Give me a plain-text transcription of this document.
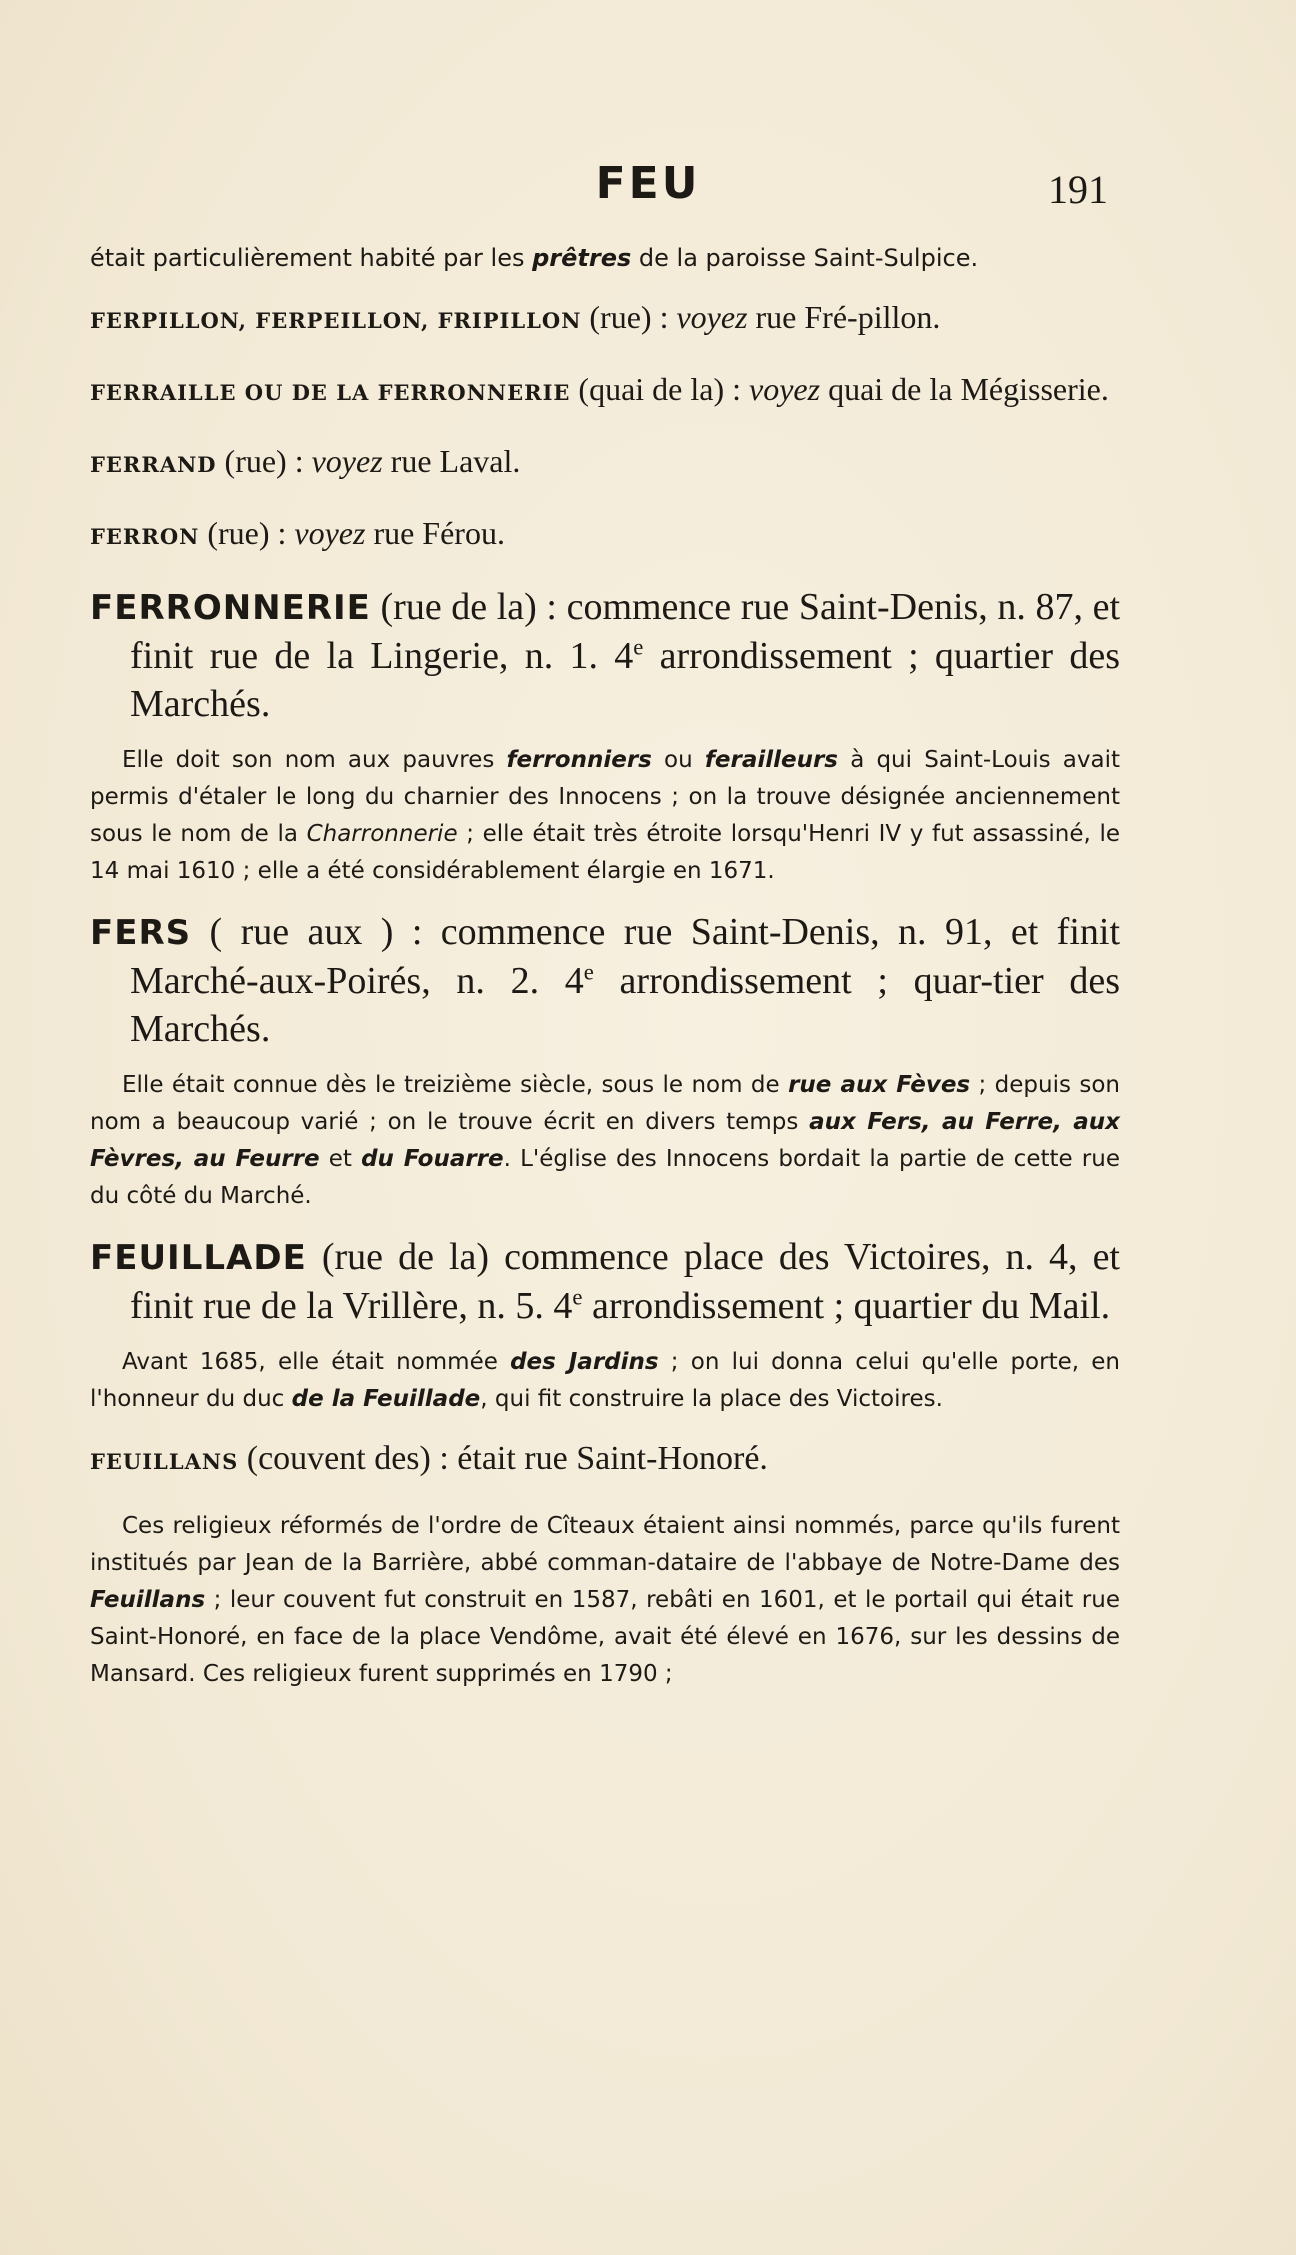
FEU	191

était particulièrement habité par les prêtres de la paroisse Saint-Sulpice.

FERPILLON, FERPEILLON, FRIPILLON (rue) : voyez rue Fré-pillon.

FERRAILLE OU DE LA FERRONNERIE (quai de la) : voyez quai de la Mégisserie.

FERRAND (rue) : voyez rue Laval.

FERRON (rue) : voyez rue Férou.

FERRONNERIE (rue de la) : commence rue Saint-Denis, n. 87, et finit rue de la Lingerie, n. 1. 4e arrondissement ; quartier des Marchés.

Elle doit son nom aux pauvres ferronniers ou ferailleurs à qui Saint-Louis avait permis d'étaler le long du charnier des Innocens ; on la trouve désignée anciennement sous le nom de la Charronnerie ; elle était très étroite lorsqu'Henri IV y fut assassiné, le 14 mai 1610 ; elle a été considérablement élargie en 1671.

FERS ( rue aux ) : commence rue Saint-Denis, n. 91, et finit Marché-aux-Poirés, n. 2. 4e arrondissement ; quar-tier des Marchés.

Elle était connue dès le treizième siècle, sous le nom de rue aux Fèves ; depuis son nom a beaucoup varié ; on le trouve écrit en divers temps aux Fers, au Ferre, aux Fèvres, au Feurre et du Fouarre. L'église des Innocens bordait la partie de cette rue du côté du Marché.

FEUILLADE (rue de la) commence place des Victoires, n. 4, et finit rue de la Vrillère, n. 5. 4e arrondissement ; quartier du Mail.

Avant 1685, elle était nommée des Jardins ; on lui donna celui qu'elle porte, en l'honneur du duc de la Feuillade, qui fit construire la place des Victoires.

FEUILLANS (couvent des) : était rue Saint-Honoré.

Ces religieux réformés de l'ordre de Cîteaux étaient ainsi nommés, parce qu'ils furent institués par Jean de la Barrière, abbé comman-dataire de l'abbaye de Notre-Dame des Feuillans ; leur couvent fut construit en 1587, rebâti en 1601, et le portail qui était rue Saint-Honoré, en face de la place Vendôme, avait été élevé en 1676, sur les dessins de Mansard. Ces religieux furent supprimés en 1790 ;
